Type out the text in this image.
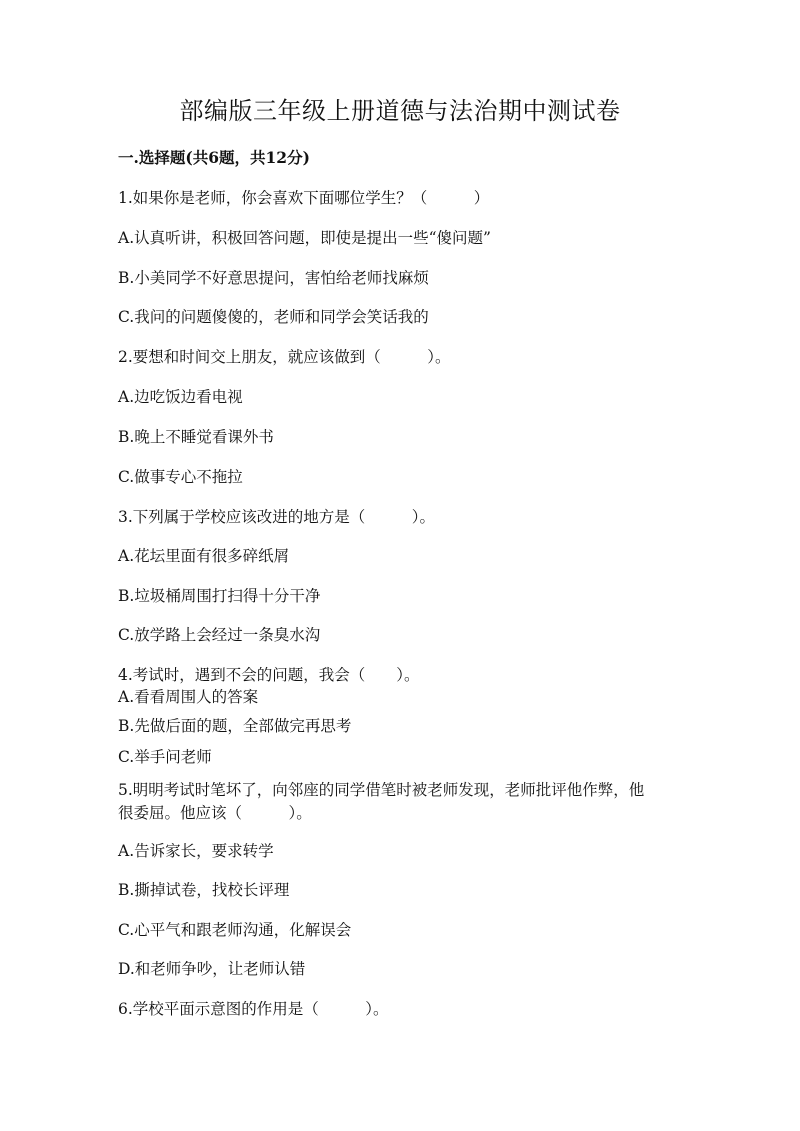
部编版三年级上册道德与法治期中测试卷
一.选择题(共6题，共12分)
1.如果你是老师，你会喜欢下面哪位学生？（　　　）
A.认真听讲，积极回答问题，即使是提出一些“傻问题”
B.小美同学不好意思提问，害怕给老师找麻烦
C.我问的问题傻傻的，老师和同学会笑话我的
2.要想和时间交上朋友，就应该做到（　　　）。
A.边吃饭边看电视
B.晚上不睡觉看课外书
C.做事专心不拖拉
3.下列属于学校应该改进的地方是（　　　）。
A.花坛里面有很多碎纸屑
B.垃圾桶周围打扫得十分干净
C.放学路上会经过一条臭水沟
4.考试时，遇到不会的问题，我会（　　）。
A.看看周围人的答案
B.先做后面的题，全部做完再思考
C.举手问老师
5.明明考试时笔坏了，向邻座的同学借笔时被老师发现，老师批评他作弊，他
很委屈。他应该（　　　）。
A.告诉家长，要求转学
B.撕掉试卷，找校长评理
C.心平气和跟老师沟通，化解误会
D.和老师争吵，让老师认错
6.学校平面示意图的作用是（　　　）。
